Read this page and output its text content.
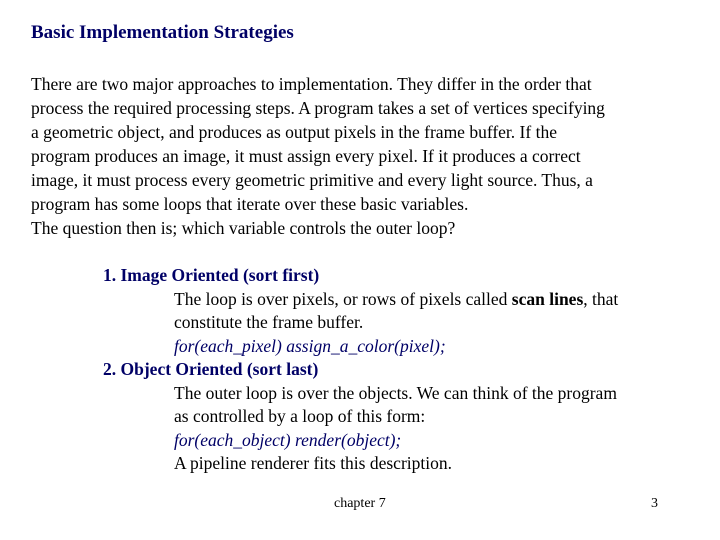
Basic Implementation Strategies
There are two major approaches to implementation. They differ in the order that
process the required processing steps. A program takes a set of vertices specifying
a geometric object, and produces as output pixels in the frame buffer. If the
program produces an image, it must assign every pixel. If it produces a correct
image, it must process every geometric primitive and every light source. Thus, a
program has some loops that iterate over these basic variables.
The question then is; which variable controls the outer loop?
1. Image Oriented (sort first)
The loop is over pixels, or rows of pixels called scan lines, that
constitute the frame buffer.
for(each_pixel) assign_a_color(pixel);
2. Object Oriented (sort last)
The outer loop is over the objects. We can think of the program
as controlled by a loop of this form:
for(each_object) render(object);
A pipeline renderer fits this description.
chapter 7	3
